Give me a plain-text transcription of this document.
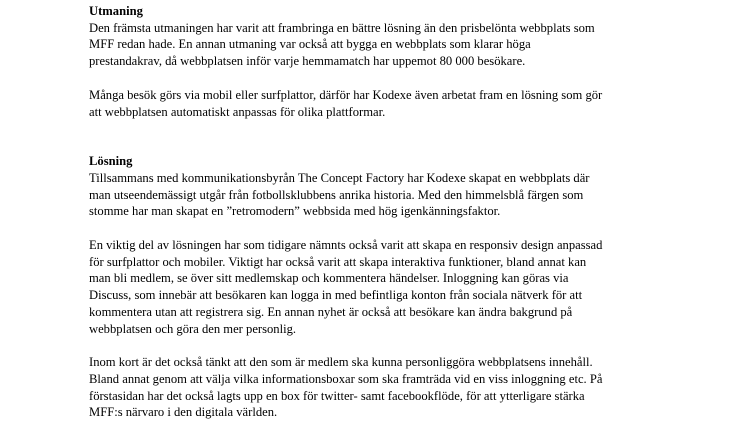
Utmaning
Den främsta utmaningen har varit att frambringa en bättre lösning än den prisbelönta webbplats som
MFF redan hade. En annan utmaning var också att bygga en webbplats som klarar höga
prestandakrav, då webbplatsen inför varje hemmamatch har uppemot 80 000 besökare.
Många besök görs via mobil eller surfplattor, därför har Kodexe även arbetat fram en lösning som gör
att webbplatsen automatiskt anpassas för olika plattformar.
Lösning
Tillsammans med kommunikationsbyrån The Concept Factory har Kodexe skapat en webbplats där
man utseendemässigt utgår från fotbollsklubbens anrika historia. Med den himmelsblå färgen som
stomme har man skapat en ”retromodern” webbsida med hög igenkänningsfaktor.
En viktig del av lösningen har som tidigare nämnts också varit att skapa en responsiv design anpassad
för surfplattor och mobiler. Viktigt har också varit att skapa interaktiva funktioner, bland annat kan
man bli medlem, se över sitt medlemskap och kommentera händelser. Inloggning kan göras via
Discuss, som innebär att besökaren kan logga in med befintliga konton från sociala nätverk för att
kommentera utan att registrera sig. En annan nyhet är också att besökare kan ändra bakgrund på
webbplatsen och göra den mer personlig.
Inom kort är det också tänkt att den som är medlem ska kunna personliggöra webbplatsens innehåll.
Bland annat genom att välja vilka informationsboxar som ska framträda vid en viss inloggning etc. På
förstasidan har det också lagts upp en box för twitter- samt facebookflöde, för att ytterligare stärka
MFF:s närvaro i den digitala världen.
